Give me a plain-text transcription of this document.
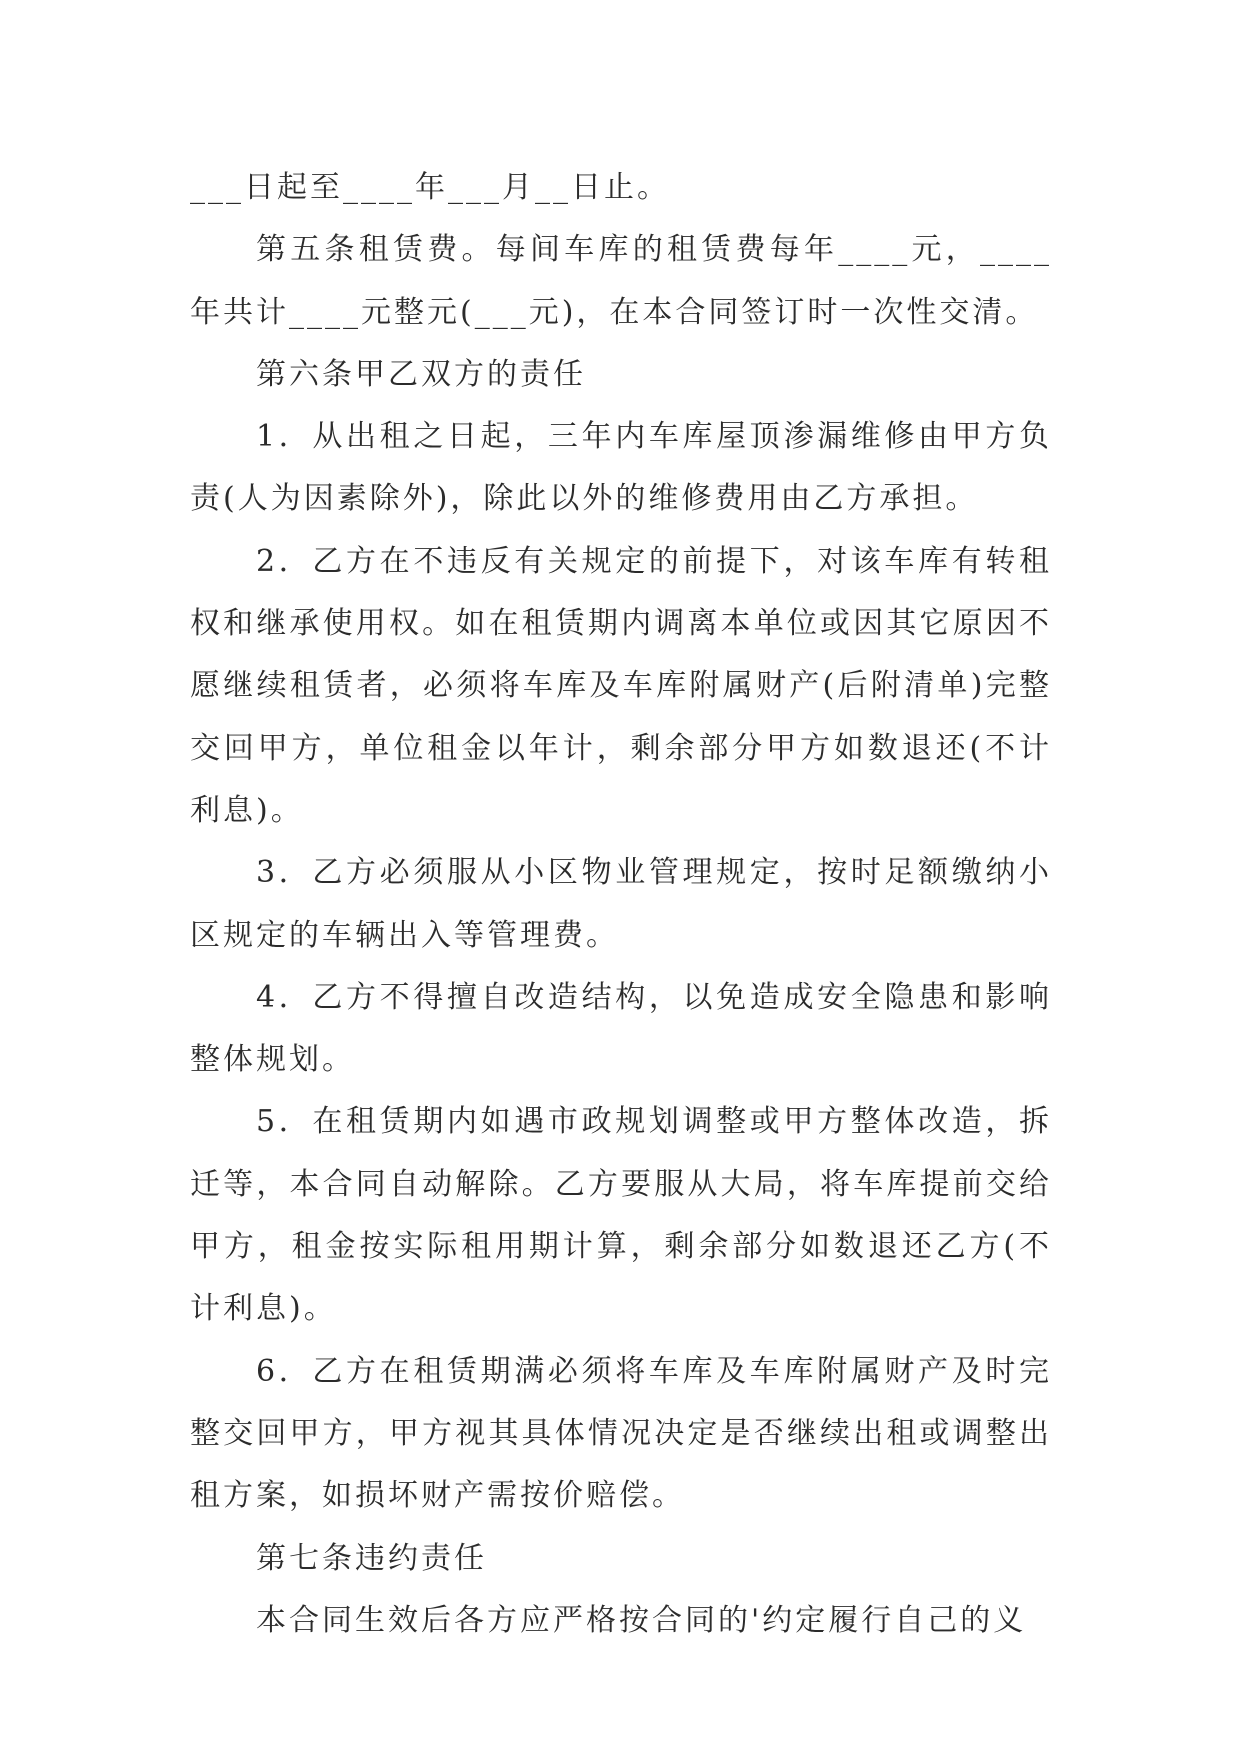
___日起至____年___月__日止。

第五条租赁费。每间车库的租赁费每年____元，____年共计____元整元(___元)，在本合同签订时一次性交清。

第六条甲乙双方的责任

1．从出租之日起，三年内车库屋顶渗漏维修由甲方负责(人为因素除外)，除此以外的维修费用由乙方承担。

2．乙方在不违反有关规定的前提下，对该车库有转租权和继承使用权。如在租赁期内调离本单位或因其它原因不愿继续租赁者，必须将车库及车库附属财产(后附清单)完整交回甲方，单位租金以年计，剩余部分甲方如数退还(不计利息)。

3．乙方必须服从小区物业管理规定，按时足额缴纳小区规定的车辆出入等管理费。

4．乙方不得擅自改造结构，以免造成安全隐患和影响整体规划。

5．在租赁期内如遇市政规划调整或甲方整体改造，拆迁等，本合同自动解除。乙方要服从大局，将车库提前交给甲方，租金按实际租用期计算，剩余部分如数退还乙方(不计利息)。

6．乙方在租赁期满必须将车库及车库附属财产及时完整交回甲方，甲方视其具体情况决定是否继续出租或调整出租方案，如损坏财产需按价赔偿。

第七条违约责任

本合同生效后各方应严格按合同的'约定履行自己的义
